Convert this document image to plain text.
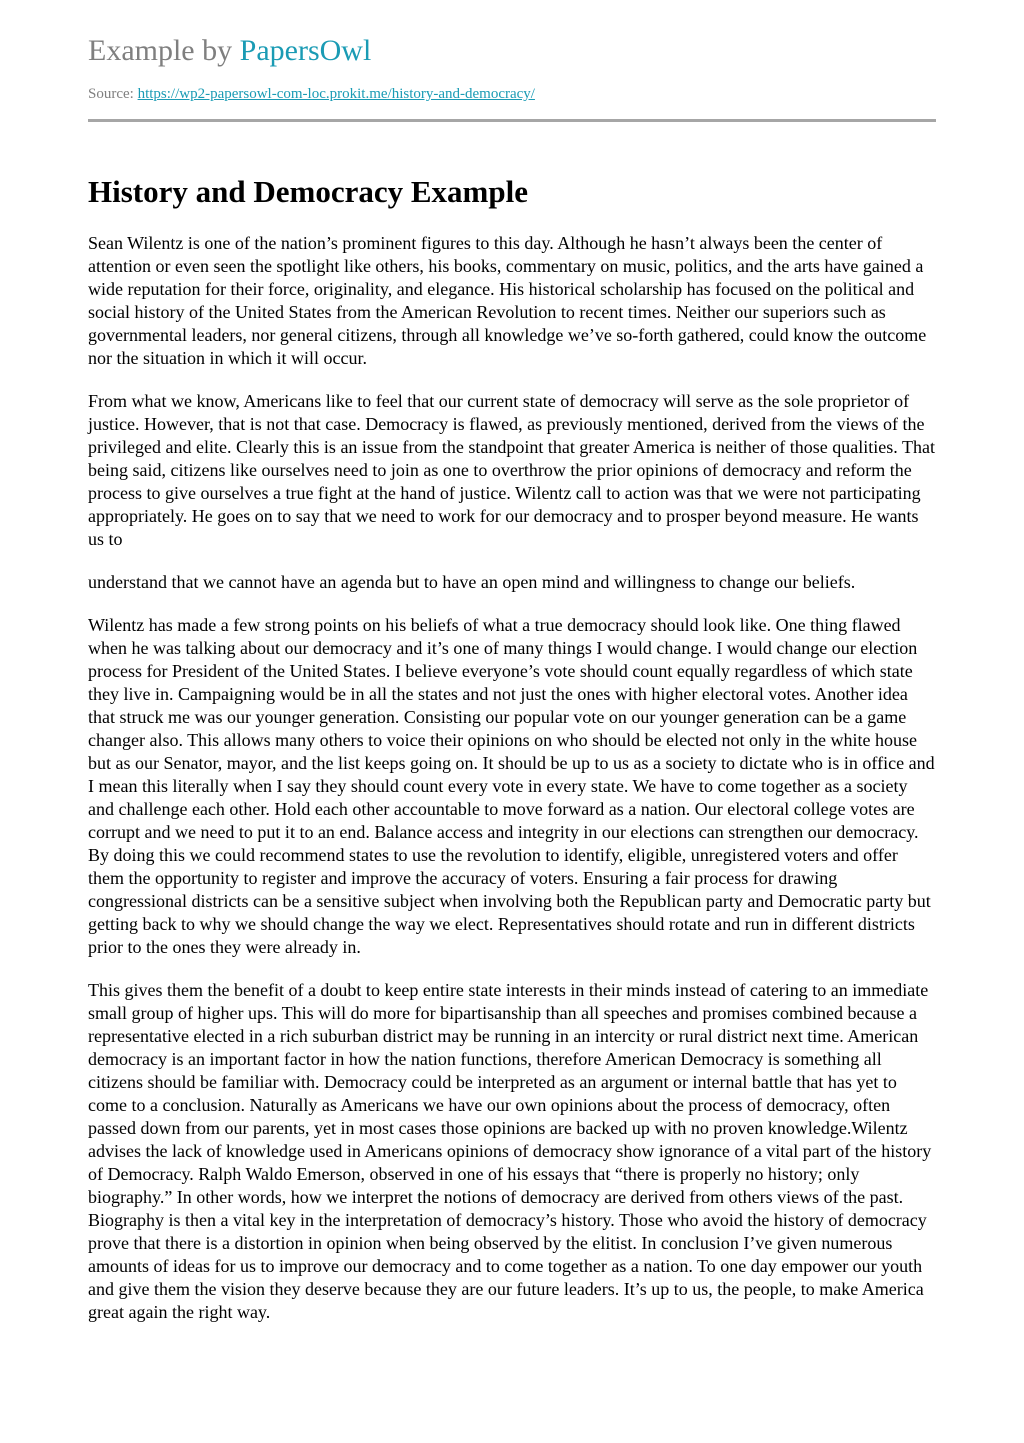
Example by PapersOwl
Source: https://wp2-papersowl-com-loc.prokit.me/history-and-democracy/
History and Democracy Example

Sean Wilentz is one of the nation’s prominent figures to this day. Although he hasn’t always been the center of attention or even seen the spotlight like others, his books, commentary on music, politics, and the arts have gained a wide reputation for their force, originality, and elegance. His historical scholarship has focused on the political and social history of the United States from the American Revolution to recent times. Neither our superiors such as governmental leaders, nor general citizens, through all knowledge we’ve so-forth gathered, could know the outcome nor the situation in which it will occur.

From what we know, Americans like to feel that our current state of democracy will serve as the sole proprietor of justice. However, that is not that case. Democracy is flawed, as previously mentioned, derived from the views of the privileged and elite. Clearly this is an issue from the standpoint that greater America is neither of those qualities. That being said, citizens like ourselves need to join as one to overthrow the prior opinions of democracy and reform the process to give ourselves a true fight at the hand of justice. Wilentz call to action was that we were not participating appropriately. He goes on to say that we need to work for our democracy and to prosper beyond measure. He wants us to

understand that we cannot have an agenda but to have an open mind and willingness to change our beliefs.

Wilentz has made a few strong points on his beliefs of what a true democracy should look like. One thing flawed when he was talking about our democracy and it’s one of many things I would change. I would change our election process for President of the United States. I believe everyone’s vote should count equally regardless of which state they live in. Campaigning would be in all the states and not just the ones with higher electoral votes. Another idea that struck me was our younger generation. Consisting our popular vote on our younger generation can be a game changer also. This allows many others to voice their opinions on who should be elected not only in the white house but as our Senator, mayor, and the list keeps going on. It should be up to us as a society to dictate who is in office and I mean this literally when I say they should count every vote in every state. We have to come together as a society and challenge each other. Hold each other accountable to move forward as a nation. Our electoral college votes are corrupt and we need to put it to an end. Balance access and integrity in our elections can strengthen our democracy. By doing this we could recommend states to use the revolution to identify, eligible, unregistered voters and offer them the opportunity to register and improve the accuracy of voters. Ensuring a fair process for drawing congressional districts can be a sensitive subject when involving both the Republican party and Democratic party but getting back to why we should change the way we elect. Representatives should rotate and run in different districts prior to the ones they were already in.

This gives them the benefit of a doubt to keep entire state interests in their minds instead of catering to an immediate small group of higher ups. This will do more for bipartisanship than all speeches and promises combined because a representative elected in a rich suburban district may be running in an intercity or rural district next time. American democracy is an important factor in how the nation functions, therefore American Democracy is something all citizens should be familiar with. Democracy could be interpreted as an argument or internal battle that has yet to come to a conclusion. Naturally as Americans we have our own opinions about the process of democracy, often passed down from our parents, yet in most cases those opinions are backed up with no proven knowledge.Wilentz advises the lack of knowledge used in Americans opinions of democracy show ignorance of a vital part of the history of Democracy. Ralph Waldo Emerson, observed in one of his essays that “there is properly no history; only biography.” In other words, how we interpret the notions of democracy are derived from others views of the past. Biography is then a vital key in the interpretation of democracy’s history. Those who avoid the history of democracy prove that there is a distortion in opinion when being observed by the elitist. In conclusion I’ve given numerous amounts of ideas for us to improve our democracy and to come together as a nation. To one day empower our youth and give them the vision they deserve because they are our future leaders. It’s up to us, the people, to make America great again the right way.
